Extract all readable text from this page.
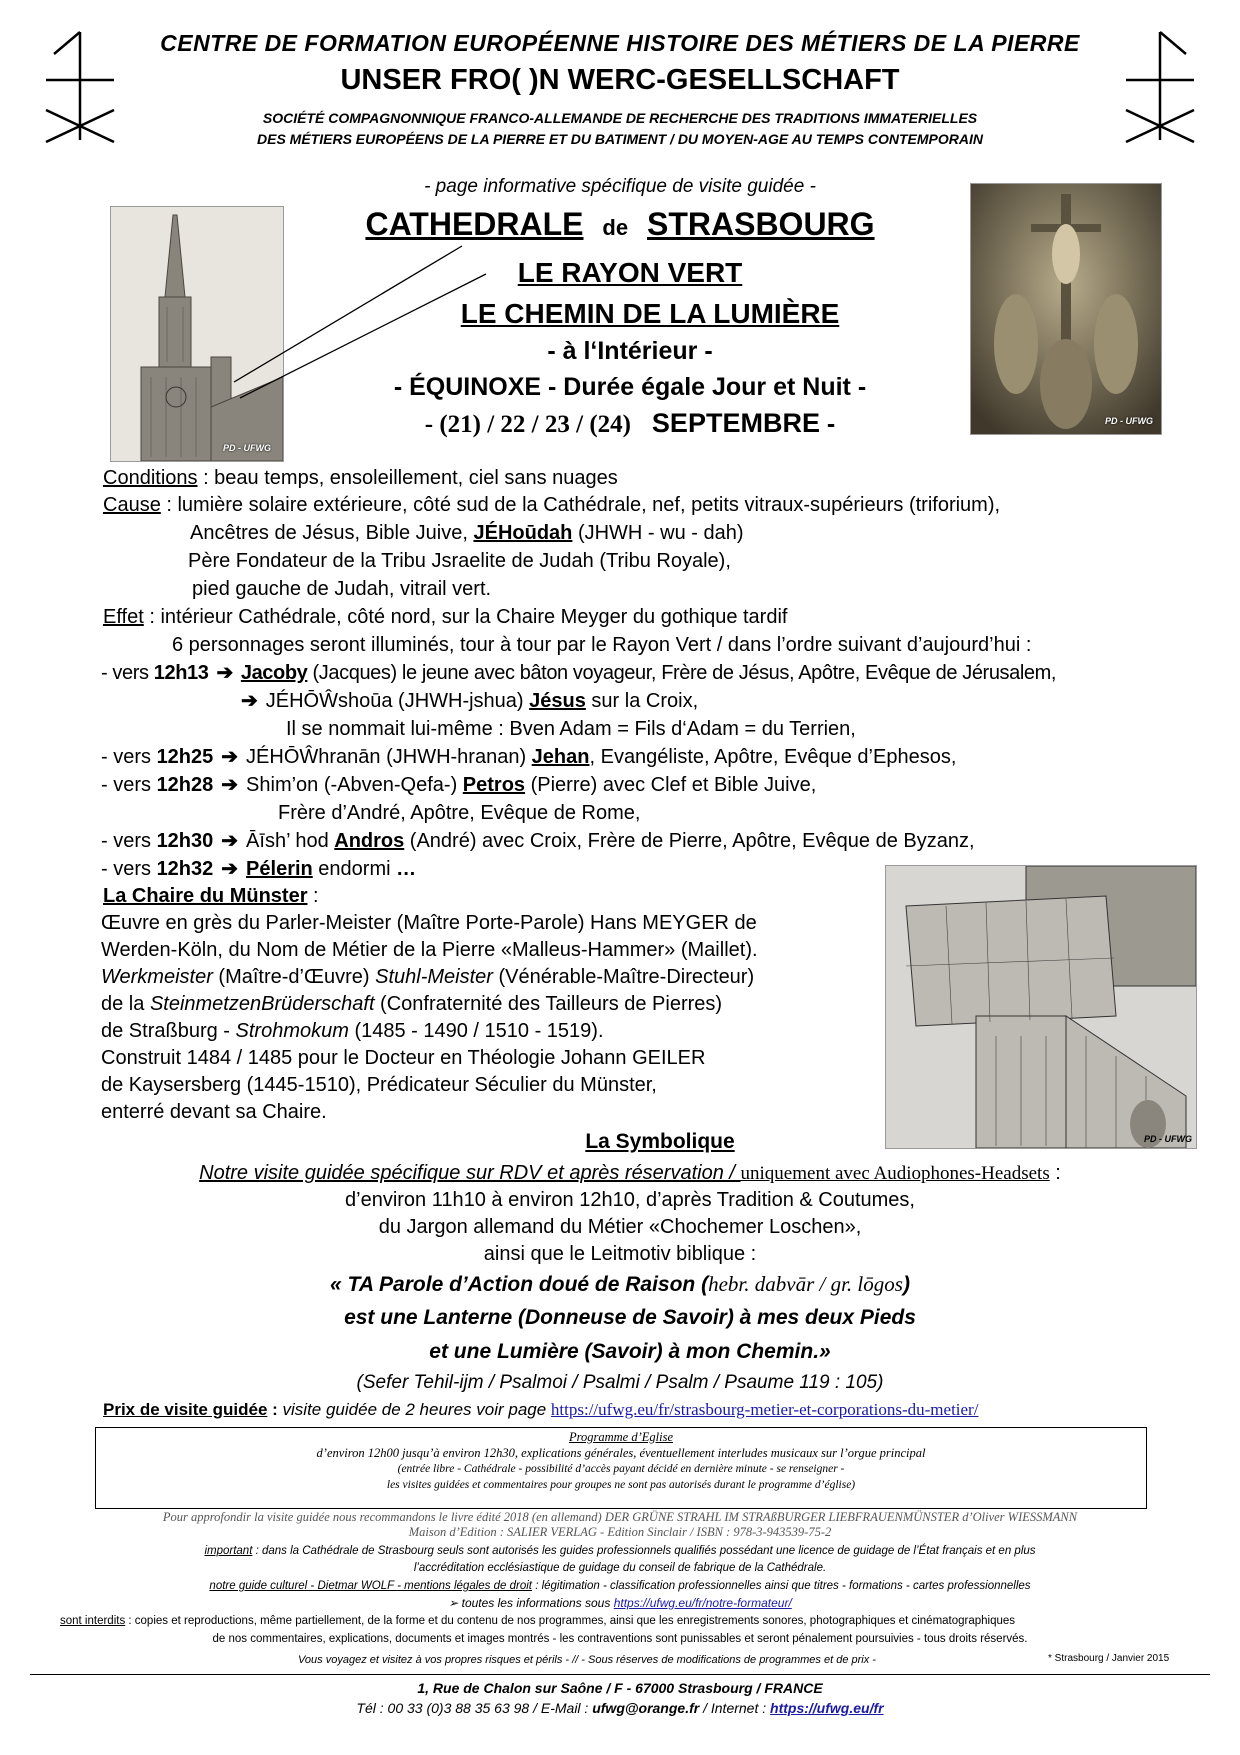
CENTRE DE FORMATION EUROPÉENNE HISTOIRE DES MÉTIERS DE LA PIERRE
UNSER FRO( )N WERC-GESELLSCHAFT
SOCIÉTÉ COMPAGNONNIQUE FRANCO-ALLEMANDE DE RECHERCHE DES TRADITIONS IMMATERIELLES
DES MÉTIERS EUROPÉENS DE LA PIERRE ET DU BATIMENT / DU MOYEN-AGE AU TEMPS CONTEMPORAIN
PD - UFWG
PD - UFWG
- page informative spécifique de visite guidée -
CATHEDRALE de STRASBOURG
LE RAYON VERT
LE CHEMIN DE LA LUMIÈRE
- à l‘Intérieur -
- ÉQUINOXE - Durée égale Jour et Nuit -
- (21) / 22 / 23 / (24) SEPTEMBRE -
Conditions : beau temps, ensoleillement, ciel sans nuages
Cause : lumière solaire extérieure, côté sud de la Cathédrale, nef, petits vitraux-supérieurs (triforium),
Ancêtres de Jésus, Bible Juive, JÉHoūdah (JHWH - wu - dah)
Père Fondateur de la Tribu Jsraelite de Judah (Tribu Royale),
pied gauche de Judah, vitrail vert.
Effet : intérieur Cathédrale, côté nord, sur la Chaire Meyger du gothique tardif
6 personnages seront illuminés, tour à tour par le Rayon Vert / dans l’ordre suivant d’aujourd’hui :
- vers 12h13 ➔ Jacoby (Jacques) le jeune avec bâton voyageur, Frère de Jésus, Apôtre, Evêque de Jérusalem,
➔ JÉHŌŴshoūa (JHWH-jshua) Jésus sur la Croix,
Il se nommait lui-même : Bven Adam = Fils d‘Adam = du Terrien,
- vers 12h25 ➔ JÉHŌŴhranān (JHWH-hranan) Jehan, Evangéliste, Apôtre, Evêque d’Ephesos,
- vers 12h28 ➔ Shim’on (-Abven-Qefa-) Petros (Pierre) avec Clef et Bible Juive,
Frère d’André, Apôtre, Evêque de Rome,
- vers 12h30 ➔ Āīsh’ hod Andros (André) avec Croix, Frère de Pierre, Apôtre, Evêque de Byzanz,
- vers 12h32 ➔ Pélerin endormi …
PD - UFWG
La Chaire du Münster :
Œuvre en grès du Parler-Meister (Maître Porte-Parole) Hans MEYGER de
Werden-Köln, du Nom de Métier de la Pierre «Malleus-Hammer» (Maillet).
Werkmeister (Maître-d’Œuvre) Stuhl-Meister (Vénérable-Maître-Directeur)
de la SteinmetzenBrüderschaft (Confraternité des Tailleurs de Pierres)
de Straßburg - Strohmokum (1485 - 1490 / 1510 - 1519).
Construit 1484 / 1485 pour le Docteur en Théologie Johann GEILER
de Kaysersberg (1445-1510), Prédicateur Séculier du Münster,
enterré devant sa Chaire.
La Symbolique
Notre visite guidée spécifique sur RDV et après réservation / uniquement avec Audiophones-Headsets :
d’environ 11h10 à environ 12h10, d’après Tradition & Coutumes,
du Jargon allemand du Métier «Chochemer Loschen»,
ainsi que le Leitmotiv biblique :
« TA Parole d’Action doué de Raison (hebr. dabvār / gr. lōgos)
est une Lanterne (Donneuse de Savoir) à mes deux Pieds
et une Lumière (Savoir) à mon Chemin.»
(Sefer Tehil-ijm / Psalmoi / Psalmi / Psalm / Psaume 119 : 105)
Prix de visite guidée : visite guidée de 2 heures voir page https://ufwg.eu/fr/strasbourg-metier-et-corporations-du-metier/
Programme d’Eglise
d’environ 12h00 jusqu’à environ 12h30, explications générales, éventuellement interludes musicaux sur l’orgue principal
(entrée libre - Cathédrale - possibilité d’accès payant décidé en dernière minute - se renseigner -
les visites guidées et commentaires pour groupes ne sont pas autorisés durant le programme d’église)
Pour approfondir la visite guidée nous recommandons le livre édité 2018 (en allemand) DER GRÜNE STRAHL IM STRAßBURGER LIEBFRAUENMÜNSTER d’Oliver WIESSMANN
Maison d’Edition : SALIER VERLAG - Edition Sinclair / ISBN : 978-3-943539-75-2
important : dans la Cathédrale de Strasbourg seuls sont autorisés les guides professionnels qualifiés possédant une licence de guidage de l’État français et en plus
l’accréditation ecclésiastique de guidage du conseil de fabrique de la Cathédrale.
notre guide culturel - Dietmar WOLF - mentions légales de droit : légitimation - classification professionnelles ainsi que titres - formations - cartes professionnelles
➢ toutes les informations sous https://ufwg.eu/fr/notre-formateur/
sont interdits : copies et reproductions, même partiellement, de la forme et du contenu de nos programmes, ainsi que les enregistrements sonores, photographiques et cinématographiques
de nos commentaires, explications, documents et images montrés - les contraventions sont punissables et seront pénalement poursuivies - tous droits réservés.
Vous voyagez et visitez à vos propres risques et périls - // - Sous réserves de modifications de programmes et de prix -	* Strasbourg / Janvier 2015
1, Rue de Chalon sur Saône / F - 67000 Strasbourg / FRANCE
Tél : 00 33 (0)3 88 35 63 98 / E-Mail : ufwg@orange.fr / Internet : https://ufwg.eu/fr
